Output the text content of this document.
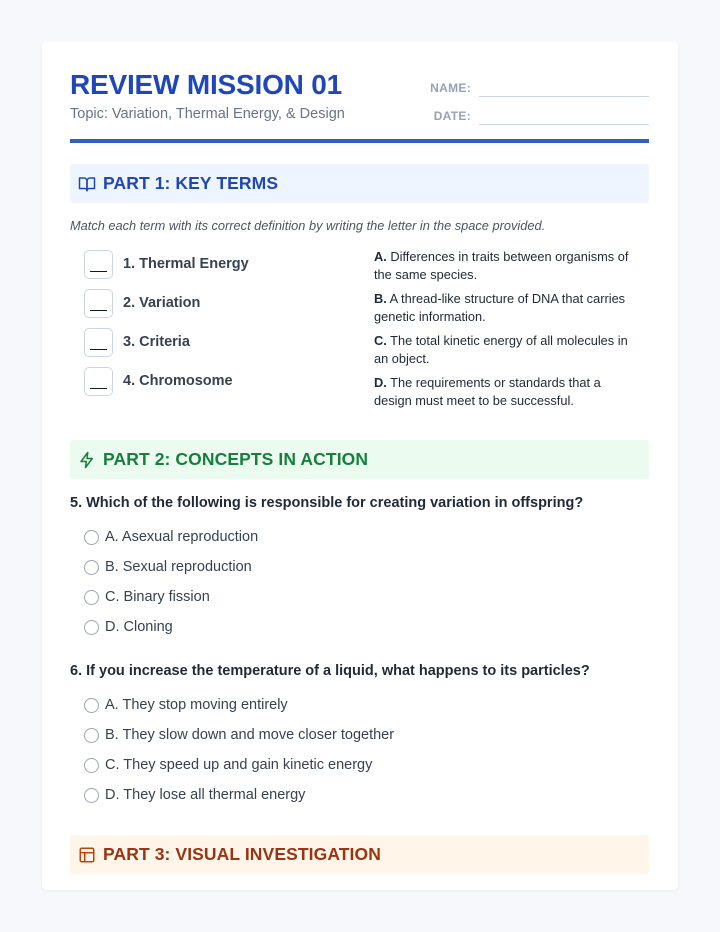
REVIEW MISSION 01
Topic: Variation, Thermal Energy, & Design
NAME:
DATE:
PART 1: KEY TERMS
Match each term with its correct definition by writing the letter in the space provided.
1. Thermal Energy
2. Variation
3. Criteria
4. Chromosome
A. Differences in traits between organisms of the same species.
B. A thread-like structure of DNA that carries genetic information.
C. The total kinetic energy of all molecules in an object.
D. The requirements or standards that a design must meet to be successful.
PART 2: CONCEPTS IN ACTION
5. Which of the following is responsible for creating variation in offspring?
A. Asexual reproduction
B. Sexual reproduction
C. Binary fission
D. Cloning
6. If you increase the temperature of a liquid, what happens to its particles?
A. They stop moving entirely
B. They slow down and move closer together
C. They speed up and gain kinetic energy
D. They lose all thermal energy
PART 3: VISUAL INVESTIGATION
